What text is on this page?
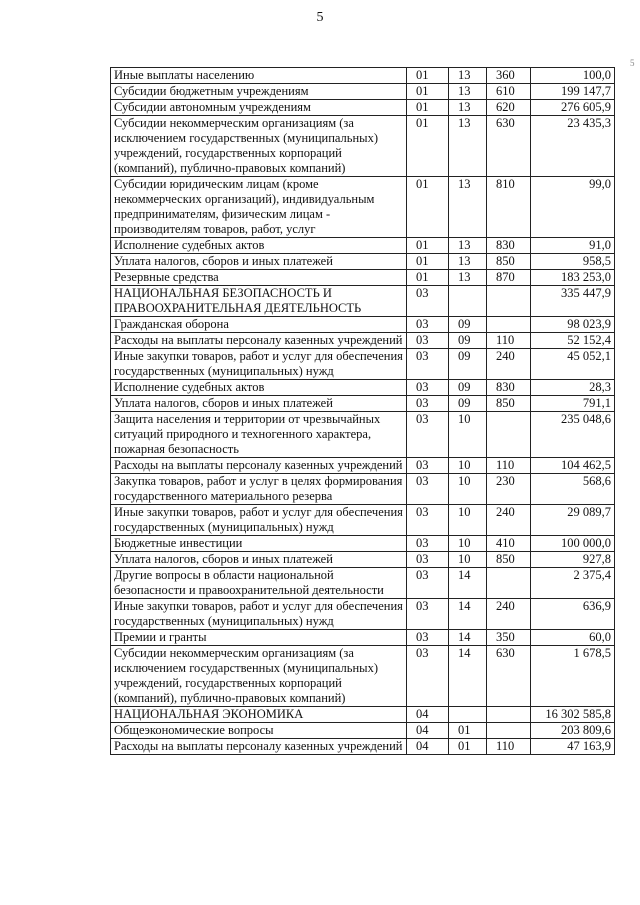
5
5
Иные выплаты населению	01	13	360	100,0
Субсидии бюджетным учреждениям	01	13	610	199 147,7
Субсидии автономным учреждениям	01	13	620	276 605,9
Субсидии некоммерческим организациям (за исключением государственных (муниципальных) учреждений, государственных корпораций (компаний), публично-правовых компаний)	01	13	630	23 435,3
Субсидии юридическим лицам (кроме некоммерческих организаций), индивидуальным предпринимателям, физическим лицам - производителям товаров, работ, услуг	01	13	810	99,0
Исполнение судебных актов	01	13	830	91,0
Уплата налогов, сборов и иных платежей	01	13	850	958,5
Резервные средства	01	13	870	183 253,0
НАЦИОНАЛЬНАЯ БЕЗОПАСНОСТЬ И ПРАВООХРАНИТЕЛЬНАЯ ДЕЯТЕЛЬНОСТЬ	03			335 447,9
Гражданская оборона	03	09		98 023,9
Расходы на выплаты персоналу казенных учреждений	03	09	110	52 152,4
Иные закупки товаров, работ и услуг для обеспечения государственных (муниципальных) нужд	03	09	240	45 052,1
Исполнение судебных актов	03	09	830	28,3
Уплата налогов, сборов и иных платежей	03	09	850	791,1
Защита населения и территории от чрезвычайных ситуаций природного и техногенного характера, пожарная безопасность	03	10		235 048,6
Расходы на выплаты персоналу казенных учреждений	03	10	110	104 462,5
Закупка товаров, работ и услуг в целях формирования государственного материального резерва	03	10	230	568,6
Иные закупки товаров, работ и услуг для обеспечения государственных (муниципальных) нужд	03	10	240	29 089,7
Бюджетные инвестиции	03	10	410	100 000,0
Уплата налогов, сборов и иных платежей	03	10	850	927,8
Другие вопросы в области национальной безопасности и правоохранительной деятельности	03	14		2 375,4
Иные закупки товаров, работ и услуг для обеспечения государственных (муниципальных) нужд	03	14	240	636,9
Премии и гранты	03	14	350	60,0
Субсидии некоммерческим организациям (за исключением государственных (муниципальных) учреждений, государственных корпораций (компаний), публично-правовых компаний)	03	14	630	1 678,5
НАЦИОНАЛЬНАЯ ЭКОНОМИКА	04			16 302 585,8
Общеэкономические вопросы	04	01		203 809,6
Расходы на выплаты персоналу казенных учреждений	04	01	110	47 163,9
